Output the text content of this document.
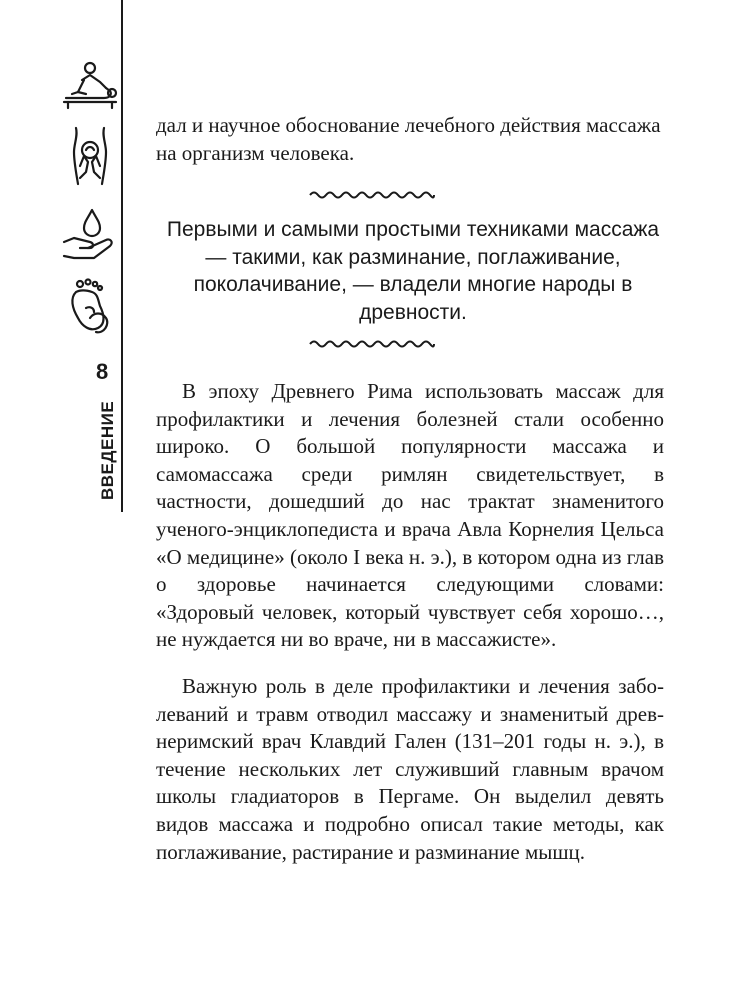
8
ВВЕДЕНИЕ

дал и научное обоснование лечебного действия массажа на организм человека.

Первыми и самыми простыми техниками массажа — такими, как разминание, поглаживание, поколачивание, — владели многие народы в древности.

В эпоху Древнего Рима использовать массаж для профилактики и лечения болезней стали особенно широко. О большой популярности массажа и самомассажа среди римлян свидетельствует, в частности, дошедший до нас трактат знаменитого ученого-энциклопедиста и врача Авла Корнелия Цельса «О медицине» (около I века н. э.), в котором одна из глав о здоровье начинается следующими словами: «Здоровый человек, который чувствует себя хорошо…, не нуждается ни во враче, ни в массажисте».

Важную роль в деле профилактики и лечения заболеваний и травм отводил массажу и знаменитый древнеримский врач Клавдий Гален (131–201 годы н. э.), в течение нескольких лет служивший главным врачом школы гладиаторов в Пергаме. Он выделил девять видов массажа и подробно описал такие методы, как поглаживание, растирание и разминание мышц.
